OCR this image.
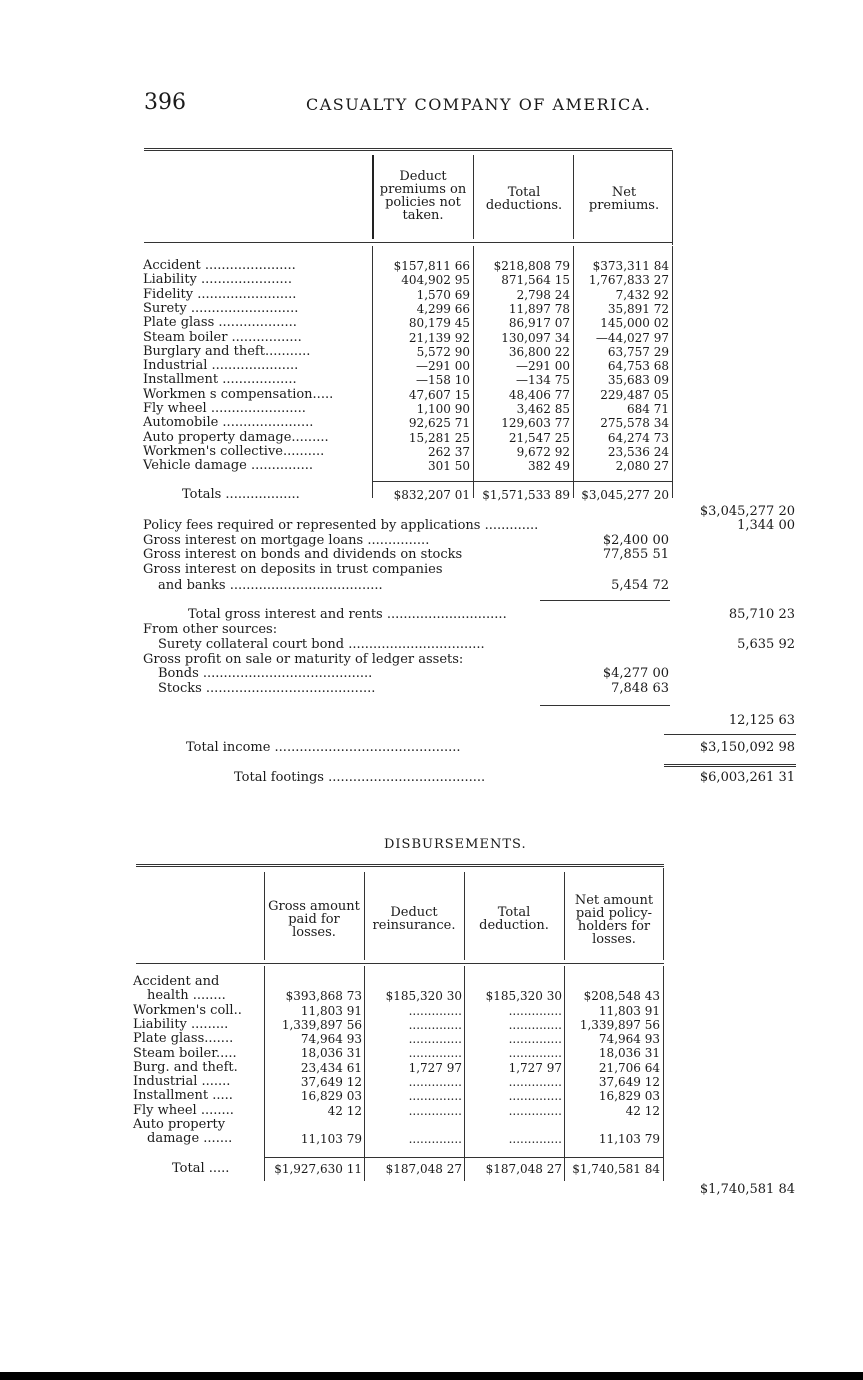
396	CASUALTY COMPANY OF AMERICA.
Deduct premiums on policies not taken.
Total deductions.
Net premiums.
Accident ......................	$157,811 66	$218,808 79	$373,311 84
Liability ......................	404,902 95	871,564 15	1,767,833 27
Fidelity ........................	1,570 69	2,798 24	7,432 92
Surety ..........................	4,299 66	11,897 78	35,891 72
Plate glass ...................	80,179 45	86,917 07	145,000 02
Steam boiler .................	21,139 92	130,097 34	—44,027 97
Burglary and theft...........	5,572 90	36,800 22	63,757 29
Industrial .....................	—291 00	—291 00	64,753 68
Installment ..................	—158 10	—134 75	35,683 09
Workmen s compensation.....	47,607 15	48,406 77	229,487 05
Fly wheel .......................	1,100 90	3,462 85	684 71
Automobile ......................	92,625 71	129,603 77	275,578 34
Auto property damage.........	15,281 25	21,547 25	64,274 73
Workmen's collective..........	262 37	9,672 92	23,536 24
Vehicle damage ...............	301 50	382 49	2,080 27
Totals ..................	$832,207 01	$1,571,533 89 $3,045,277 20
$3,045,277 20
Policy fees required or represented by applications .............	1,344 00
Gross interest on mortgage loans ...............	$2,400 00
Gross interest on bonds and dividends on stocks	77,855 51
Gross interest on deposits in trust companies
and banks .....................................	5,454 72
Total gross interest and rents .............................	85,710 23
From other sources:
Surety collateral court bond .................................	5,635 92
Gross profit on sale or maturity of ledger assets:
Bonds .........................................	$4,277 00
Stocks .........................................	7,848 63
12,125 63
Total income .............................................	$3,150,092 98
Total footings ......................................	$6,003,261 31
DISBURSEMENTS.
Gross amount paid for losses.
Deduct reinsurance.
Total deduction.
Net amount paid policy-holders for losses.
Accident and
health ........	$393,868 73	$185,320 30	$185,320 30	$208,548 43
Workmen's coll..	11,803 91	..............	..............	11,803 91
Liability .........	1,339,897 56	..............	..............	1,339,897 56
Plate glass.......	74,964 93	..............	..............	74,964 93
Steam boiler.....	18,036 31	..............	..............	18,036 31
Burg. and theft.	23,434 61	1,727 97	1,727 97	21,706 64
Industrial .......	37,649 12	..............	..............	37,649 12
Installment .....	16,829 03	..............	..............	16,829 03
Fly wheel ........	42 12	..............	..............	42 12
Auto property
damage .......	11,103 79	..............	..............	11,103 79
Total .....	$1,927,630 11	$187,048 27	$187,048 27 $1,740,581 84
$1,740,581 84
